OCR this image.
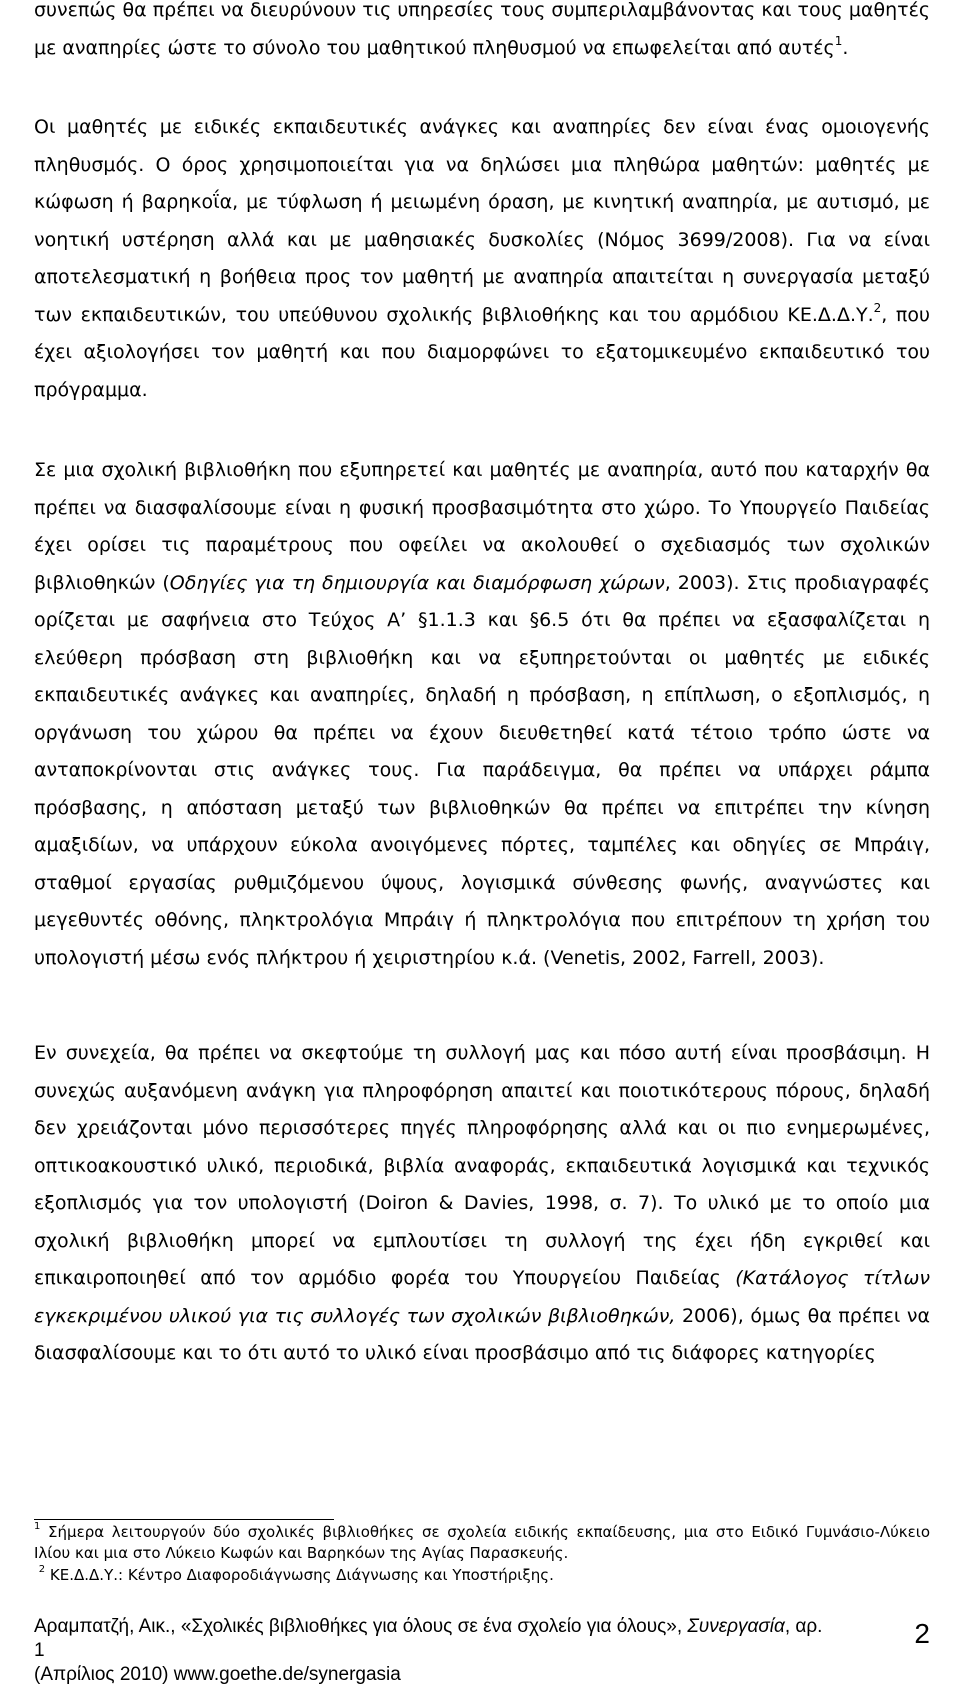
συνεπώς θα πρέπει να διευρύνουν τις υπηρεσίες τους συμπεριλαμβάνοντας και τους μαθητές με αναπηρίες ώστε το σύνολο του μαθητικού πληθυσμού να επωφελείται από αυτές$^1$.

Οι μαθητές με ειδικές εκπαιδευτικές ανάγκες και αναπηρίες δεν είναι ένας ομοιογενής πληθυσμός. Ο όρος χρησιμοποιείται για να δηλώσει μια πληθώρα μαθητών: μαθητές με κώφωση ή βαρηκοΐα, με τύφλωση ή μειωμένη όραση, με κινητική αναπηρία, με αυτισμό, με νοητική υστέρηση αλλά και με μαθησιακές δυσκολίες (Νόμος 3699/2008). Για να είναι αποτελεσματική η βοήθεια προς τον μαθητή με αναπηρία απαιτείται η συνεργασία μεταξύ των εκπαιδευτικών, του υπεύθυνου σχολικής βιβλιοθήκης και του αρμόδιου ΚΕ.Δ.Δ.Υ.$^2$, που έχει αξιολογήσει τον μαθητή και που διαμορφώνει το εξατομικευμένο εκπαιδευτικό του πρόγραμμα.

Σε μια σχολική βιβλιοθήκη που εξυπηρετεί και μαθητές με αναπηρία, αυτό που καταρχήν θα πρέπει να διασφαλίσουμε είναι η φυσική προσβασιμότητα στο χώρο. Το Υπουργείο Παιδείας έχει ορίσει τις παραμέτρους που οφείλει να ακολουθεί ο σχεδιασμός των σχολικών βιβλιοθηκών (Οδηγίες για τη δημιουργία και διαμόρφωση χώρων, 2003). Στις προδιαγραφές ορίζεται με σαφήνεια στο Τεύχος Α’ §1.1.3 και §6.5 ότι θα πρέπει να εξασφαλίζεται η ελεύθερη πρόσβαση στη βιβλιοθήκη και να εξυπηρετούνται οι μαθητές με ειδικές εκπαιδευτικές ανάγκες και αναπηρίες, δηλαδή η πρόσβαση, η επίπλωση, ο εξοπλισμός, η οργάνωση του χώρου θα πρέπει να έχουν διευθετηθεί κατά τέτοιο τρόπο ώστε να ανταποκρίνονται στις ανάγκες τους. Για παράδειγμα, θα πρέπει να υπάρχει ράμπα πρόσβασης, η απόσταση μεταξύ των βιβλιοθηκών θα πρέπει να επιτρέπει την κίνηση αμαξιδίων, να υπάρχουν εύκολα ανοιγόμενες πόρτες, ταμπέλες και οδηγίες σε Μπράιγ, σταθμοί εργασίας ρυθμιζόμενου ύψους, λογισμικά σύνθεσης φωνής, αναγνώστες και μεγεθυντές οθόνης, πληκτρολόγια Μπράιγ ή πληκτρολόγια που επιτρέπουν τη χρήση του υπολογιστή μέσω ενός πλήκτρου ή χειριστηρίου κ.ά. (Venetis, 2002, Farrell, 2003).

Εν συνεχεία, θα πρέπει να σκεφτούμε τη συλλογή μας και πόσο αυτή είναι προσβάσιμη. Η συνεχώς αυξανόμενη ανάγκη για πληροφόρηση απαιτεί και ποιοτικότερους πόρους, δηλαδή δεν χρειάζονται μόνο περισσότερες πηγές πληροφόρησης αλλά και οι πιο ενημερωμένες, οπτικοακουστικό υλικό, περιοδικά, βιβλία αναφοράς, εκπαιδευτικά λογισμικά και τεχνικός εξοπλισμός για τον υπολογιστή (Doiron & Davies, 1998, σ. 7). Το υλικό με το οποίο μια σχολική βιβλιοθήκη μπορεί να εμπλουτίσει τη συλλογή της έχει ήδη εγκριθεί και επικαιροποιηθεί από τον αρμόδιο φορέα του Υπουργείου Παιδείας (Κατάλογος τίτλων εγκεκριμένου υλικού για τις συλλογές των σχολικών βιβλιοθηκών, 2006), όμως θα πρέπει να διασφαλίσουμε και το ότι αυτό το υλικό είναι προσβάσιμο από τις διάφορες κατηγορίες

$^1$ Σήμερα λειτουργούν δύο σχολικές βιβλιοθήκες σε σχολεία ειδικής εκπαίδευσης, μια στο Ειδικό Γυμνάσιο-Λύκειο Ιλίου και μια στο Λύκειο Κωφών και Βαρηκόων της Αγίας Παρασκευής.

$^2$ ΚΕ.Δ.Δ.Υ.: Κέντρο Διαφοροδιάγνωσης Διάγνωσης και Υποστήριξης.

Αραμπατζή, Αικ., «Σχολικές βιβλιοθήκες για όλους σε ένα σχολείο για όλους», Συνεργασία, αρ. 1
(Απρίλιος 2010) www.goethe.de/synergasia
2
